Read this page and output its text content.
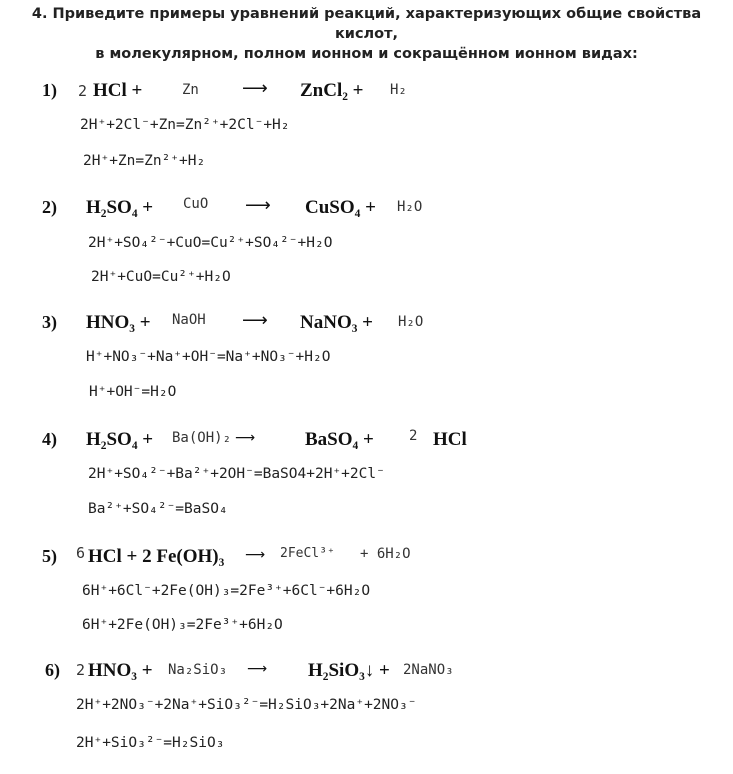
4. Приведите примеры уравнений реакций, характеризующих общие свойства кислот,
в молекулярном, полном ионном и сокращённом ионном видах:
1) 2 HCl +	Zn ⟶ ZnCl₂ + H₂
2H⁺+2Cl⁻+Zn=Zn²⁺+2Cl⁻+H₂
2H⁺+Zn=Zn²⁺+H₂
2) H₂SO₄ + CuO ⟶ CuSO₄ + H₂O
2H⁺+SO₄²⁻+CuO=Cu²⁺+SO₄²⁻+H₂O
2H⁺+CuO=Cu²⁺+H₂O
3) HNO₃ + NaOH ⟶ NaNO₃ + H₂O
H⁺+NO₃⁻+Na⁺+OH⁻=Na⁺+NO₃⁻+H₂O
H⁺+OH⁻=H₂O
4) H₂SO₄ + Ba(OH)₂ ⟶	BaSO₄ +	2 HCl
2H⁺+SO₄²⁻+Ba²⁺+2OH⁻=BaSO4+2H⁺+2Cl⁻
Ba²⁺+SO₄²⁻=BaSO₄
5) 6 HCl + 2 Fe(OH)₃ ⟶ 2FeCl³⁺ + 6H₂O
6H⁺+6Cl⁻+2Fe(OH)₃=2Fe³⁺+6Cl⁻+6H₂O
6H⁺+2Fe(OH)₃=2Fe³⁺+6H₂O
6) 2 HNO₃ + Na₂SiO₃ ⟶ H₂SiO₃↓ + 2NaNO₃
2H⁺+2NO₃⁻+2Na⁺+SiO₃²⁻=H₂SiO₃+2Na⁺+2NO₃⁻
2H⁺+SiO₃²⁻=H₂SiO₃
